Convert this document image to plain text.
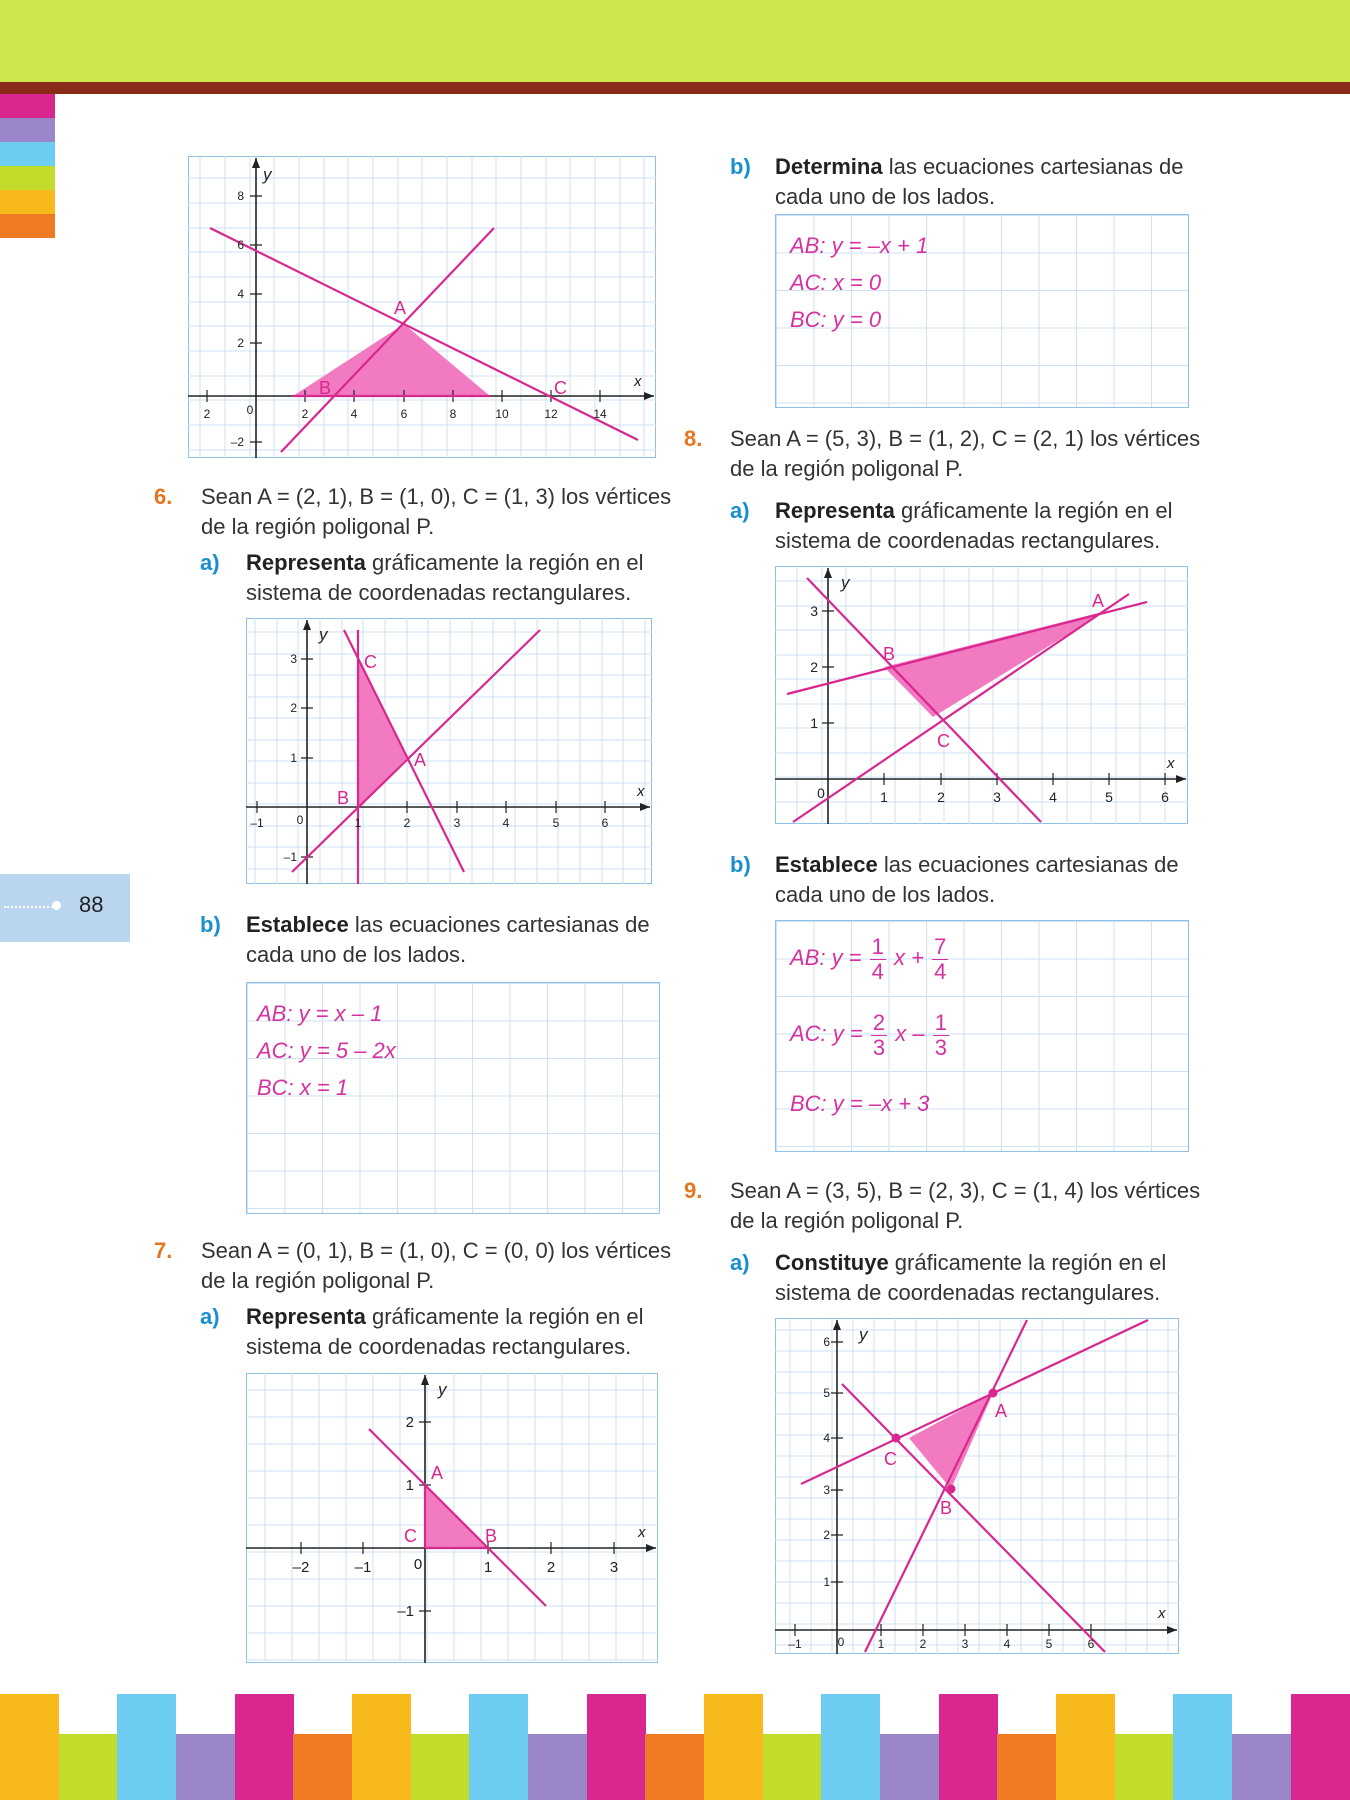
88
2	0	2	4	6	8	10	12	14
8
6
4
2
–2
y
x
A
B	C
6. Sean A = (2, 1), B = (1, 0), C = (1, 3) los vértices
de la región poligonal P.
a) Representa gráficamente la región en el
sistema de coordenadas rectangulares.
–1	0	1	2	3	4	5	6
3
2
1
–1
y
x
A
B
C
b) Establece las ecuaciones cartesianas de
cada uno de los lados.
AB: y = x – 1
AC: y = 5 – 2x
BC: x = 1
7. Sean A = (0, 1), B = (1, 0), C = (0, 0) los vértices
de la región poligonal P.
a) Representa gráficamente la región en el
sistema de coordenadas rectangulares.
–2	–1	0	1	2	3
2
1
–1
y
x
A
B
C
b) Determina las ecuaciones cartesianas de
cada uno de los lados.
AB: y = –x + 1
AC: x = 0
BC: y = 0
8. Sean A = (5, 3), B = (1, 2), C = (2, 1) los vértices
de la región poligonal P.
a) Representa gráficamente la región en el
sistema de coordenadas rectangulares.
0	1	2	3	4	5	6
3
2
1
y
x
A
B
C
b) Establece las ecuaciones cartesianas de
cada uno de los lados.
AB: $y = \frac{1}{4}$ $x + \frac{7}{4}$
AC: $y = \frac{2}{3}$ x – $\frac{1}{3}$
BC: y = –x + 3
9. Sean A = (3, 5), B = (2, 3), C = (1, 4) los vértices
de la región poligonal P.
a) Constituye gráficamente la región en el
sistema de coordenadas rectangulares.
–1	0	1	2	3	4	5	6
6
5
4
3
2
1
y
x
A
B
C
